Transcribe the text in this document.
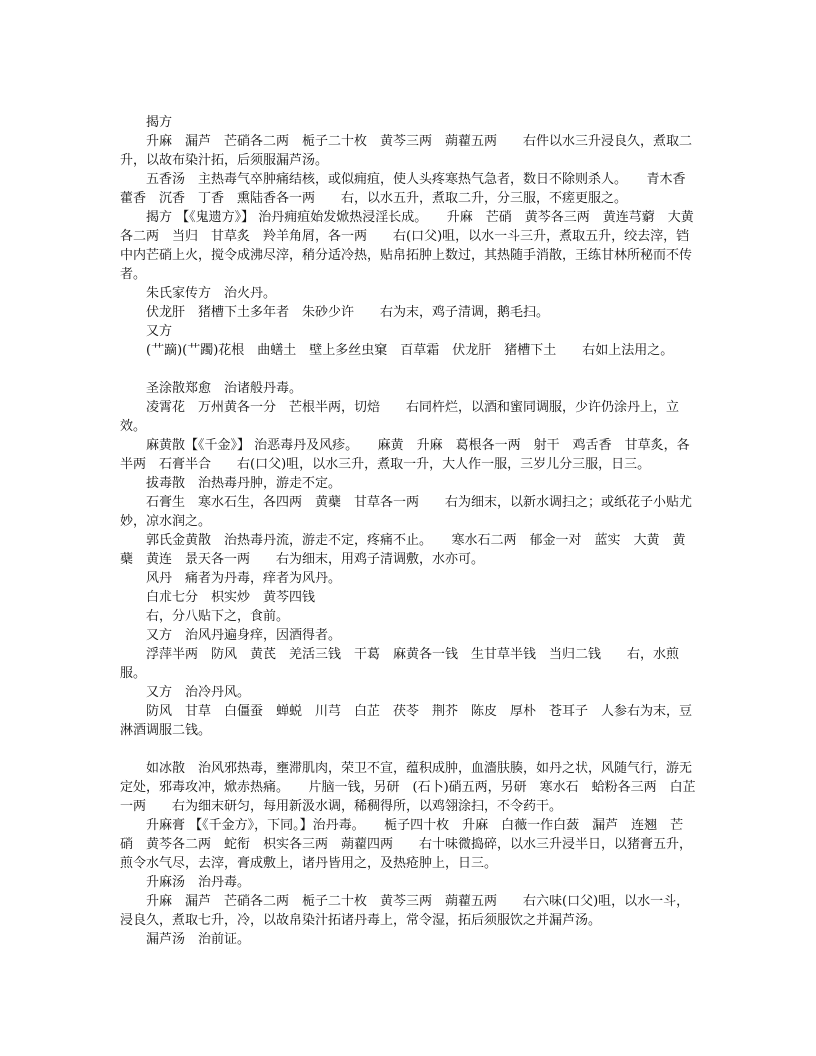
揭方

升麻　漏芦　芒硝各二两　栀子二十枚　黄芩三两　蒴藋五两　　右件以水三升浸良久，煮取二升，以故布染汁拓，后须服漏芦汤。

五香汤　主热毒气卒肿痛结核，或似痈疽，使人头疼寒热气急者，数日不除则杀人。　　青木香　藿香　沉香　丁香　熏陆香各一两　　右，以水五升，煮取二升，分三服，不瘥更服之。

揭方 【《鬼遗方》】 治丹痈疽始发焮热浸淫长成。　　升麻　芒硝　黄芩各三两　黄连芎藭　大黄各二两　当归　甘草炙　羚羊角屑，各一两　　右(口父)咀，以水一斗三升，煮取五升，绞去滓，铛中内芒硝上火，搅令成沸尽滓，稍分适冷热，贴帛拓肿上数过，其热随手消散，王练甘林所秘而不传者。

朱氏家传方　治火丹。

伏龙肝　猪槽下土多年者　朱砂少许　　右为末，鸡子清调，鹅毛扫。

又方

(艹蹢)(艹躅)花根　曲蟮土　壁上多丝虫窠　百草霜　伏龙肝　猪槽下土　　右如上法用之。

圣涂散郑愈　治诸般丹毒。

凌霄花　万州黄各一分　芒根半两，切焙　　右同杵烂，以酒和蜜同调服，少许仍涂丹上，立效。

麻黄散【《千金》】 治恶毒丹及风疹。　　麻黄　升麻　葛根各一两　射干　鸡舌香　甘草炙，各半两　石膏半合　　右(口父)咀，以水三升，煮取一升，大人作一服，三岁儿分三服，日三。

拔毒散　治热毒丹肿，游走不定。

石膏生　寒水石生，各四两　黄蘗　甘草各一两　　右为细末，以新水调扫之；或纸花子小贴尤妙，凉水润之。

郭氏金黄散　治热毒丹流，游走不定，疼痛不止。　　寒水石二两　郁金一对　蓝实　大黄　黄蘗　黄连　景天各一两　　右为细末，用鸡子清调敷，水亦可。

风丹　痛者为丹毒，痒者为风丹。

白朮七分　枳实炒　黄芩四钱

右，分八贴下之，食前。

又方　治风丹遍身痒，因酒得者。

浮萍半两　防风　黄芪　羌活三钱　干葛　麻黄各一钱　生甘草半钱　当归二钱　　右，水煎服。

又方　治冷丹风。

防风　甘草　白僵蚕　蝉蜕　川芎　白芷　茯苓　荆芥　陈皮　厚朴　苍耳子　人参右为末，豆淋酒调服二钱。

如冰散　治风邪热毒，壅滞肌肉，荣卫不宣，蕴积成肿，血濇肤腠，如丹之状，风随气行，游无定处，邪毒攻冲，焮赤热痛。　　片脑一钱，另研　(石卜)硝五两，另研　寒水石　蛤粉各三两　白芷一两　　右为细末研匀，每用新汲水调，稀稠得所，以鸡翎涂扫，不令药干。

升麻膏 【《千金方》，下同。】治丹毒。　　栀子四十枚　升麻　白薇一作白蔹　漏芦　连翘　芒硝　黄芩各二两　蛇衔　枳实各三两　蒴藋四两　　右十味微捣碎，以水三升浸半日，以猪膏五升，煎令水气尽，去滓，膏成敷上，诸丹皆用之，及热疮肿上，日三。

升麻汤　治丹毒。

升麻　漏芦　芒硝各二两　栀子二十枚　黄芩三两　蒴藋五两　　右六味(口父)咀，以水一斗，浸良久，煮取七升，冷，以故帛染汁拓诸丹毒上，常令湿，拓后须服饮之并漏芦汤。

漏芦汤　治前证。
